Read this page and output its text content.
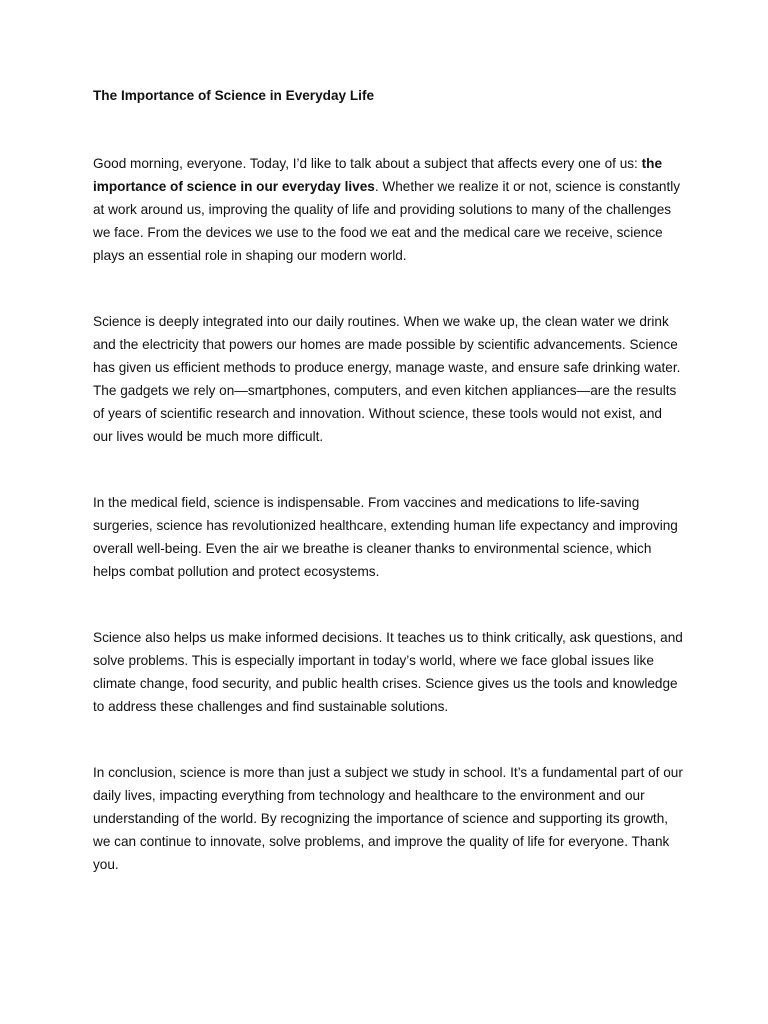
The Importance of Science in Everyday Life

Good morning, everyone. Today, I’d like to talk about a subject that affects every one of us: the importance of science in our everyday lives. Whether we realize it or not, science is constantly at work around us, improving the quality of life and providing solutions to many of the challenges we face. From the devices we use to the food we eat and the medical care we receive, science plays an essential role in shaping our modern world.

Science is deeply integrated into our daily routines. When we wake up, the clean water we drink and the electricity that powers our homes are made possible by scientific advancements. Science has given us efficient methods to produce energy, manage waste, and ensure safe drinking water. The gadgets we rely on—smartphones, computers, and even kitchen appliances—are the results of years of scientific research and innovation. Without science, these tools would not exist, and our lives would be much more difficult.

In the medical field, science is indispensable. From vaccines and medications to life-saving surgeries, science has revolutionized healthcare, extending human life expectancy and improving overall well-being. Even the air we breathe is cleaner thanks to environmental science, which helps combat pollution and protect ecosystems.

Science also helps us make informed decisions. It teaches us to think critically, ask questions, and solve problems. This is especially important in today’s world, where we face global issues like climate change, food security, and public health crises. Science gives us the tools and knowledge to address these challenges and find sustainable solutions.

In conclusion, science is more than just a subject we study in school. It’s a fundamental part of our daily lives, impacting everything from technology and healthcare to the environment and our understanding of the world. By recognizing the importance of science and supporting its growth, we can continue to innovate, solve problems, and improve the quality of life for everyone. Thank you.
